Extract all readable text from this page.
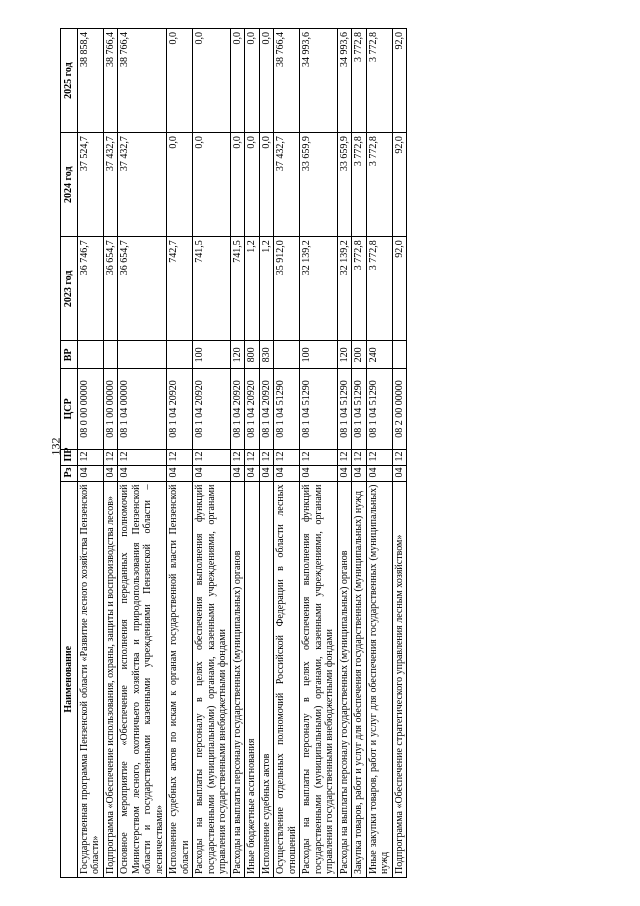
132
Наименование	Рз	ПР	ЦСР	ВР	2023 год	2024 год	2025 год
Государственная программа Пензенской области «Развитие лесного хозяйства Пензенской области»	04	12	08 0 00 00000		36 746,7	37 524,7	38 858,4
Подпрограмма «Обеспечение использования, охраны, защиты и воспроизводства лесов»	04	12	08 1 00 00000		36 654,7	37 432,7	38 766,4
Основное мероприятие «Обеспечение исполнения переданных полномочий Министерством лесного, охотничьего хозяйства и природопользования Пензенской области и государственными казенными учреждениями Пензенской области – лесничествами»	04	12	08 1 04 00000		36 654,7	37 432,7	38 766,4
Исполнение судебных актов по искам к органам государственной власти Пензенской области	04	12	08 1 04 20920		742,7	0,0	0,0
Расходы на выплаты персоналу в целях обеспечения выполнения функций государственными (муниципальными) органами, казенными учреждениями, органами управления государственными внебюджетными фондами	04	12	08 1 04 20920	100	741,5	0,0	0,0
Расходы на выплаты персоналу государственных (муниципальных) органов	04	12	08 1 04 20920	120	741,5	0,0	0,0
Иные бюджетные ассигнования	04	12	08 1 04 20920	800	1,2	0,0	0,0
Исполнение судебных актов	04	12	08 1 04 20920	830	1,2	0,0	0,0
Осуществление отдельных полномочий Российской Федерации в области лесных отношений	04	12	08 1 04 51290		35 912,0	37 432,7	38 766,4
Расходы на выплаты персоналу в целях обеспечения выполнения функций государственными (муниципальными) органами, казенными учреждениями, органами управления государственными внебюджетными фондами	04	12	08 1 04 51290	100	32 139,2	33 659,9	34 993,6
Расходы на выплаты персоналу государственных (муниципальных) органов	04	12	08 1 04 51290	120	32 139,2	33 659,9	34 993,6
Закупка товаров, работ и услуг для обеспечения государственных (муниципальных) нужд	04	12	08 1 04 51290	200	3 772,8	3 772,8	3 772,8
Иные закупки товаров, работ и услуг для обеспечения государственных (муниципальных) нужд	04	12	08 1 04 51290	240	3 772,8	3 772,8	3 772,8
Подпрограмма «Обеспечение стратегического управления лесным хозяйством»	04	12	08 2 00 00000		92,0	92,0	92,0
